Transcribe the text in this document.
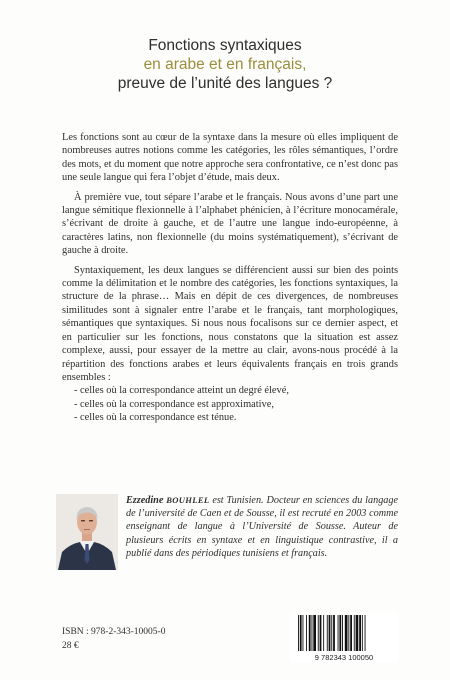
Fonctions syntaxiques
en arabe et en français,
preuve de l’unité des langues ?

Les fonctions sont au cœur de la syntaxe dans la mesure où elles impliquent de nombreuses autres notions comme les catégories, les rôles sémantiques, l’ordre des mots, et du moment que notre approche sera confrontative, ce n’est donc pas une seule langue qui fera l’objet d’étude, mais deux.

À première vue, tout sépare l’arabe et le français. Nous avons d’une part une langue sémitique flexionnelle à l’alphabet phénicien, à l’écriture monocamérale, s’écrivant de droite à gauche, et de l’autre une langue indo-européenne, à caractères latins, non flexionnelle (du moins systématiquement), s’écrivant de gauche à droite.

Syntaxiquement, les deux langues se différencient aussi sur bien des points comme la délimitation et le nombre des catégories, les fonctions syntaxiques, la structure de la phrase… Mais en dépit de ces divergences, de nombreuses similitudes sont à signaler entre l’arabe et le français, tant morphologiques, sémantiques que syntaxiques. Si nous nous focalisons sur ce dernier aspect, et en particulier sur les fonctions, nous constatons que la situation est assez complexe, aussi, pour essayer de la mettre au clair, avons-nous procédé à la répartition des fonctions arabes et leurs équivalents français en trois grands ensembles :

- celles où la correspondance atteint un degré élevé,
- celles où la correspondance est approximative,
- celles où la correspondance est ténue.
Ezzedine BOUHLEL est Tunisien. Docteur en sciences du langage de l’université de Caen et de Sousse, il est recruté en 2003 comme enseignant de langue à l’Université de Sousse. Auteur de plusieurs écrits en syntaxe et en linguistique contrastive, il a publié dans des périodiques tunisiens et français.
ISBN : 978-2-343-10005-0
28 €
9 782343 100050
